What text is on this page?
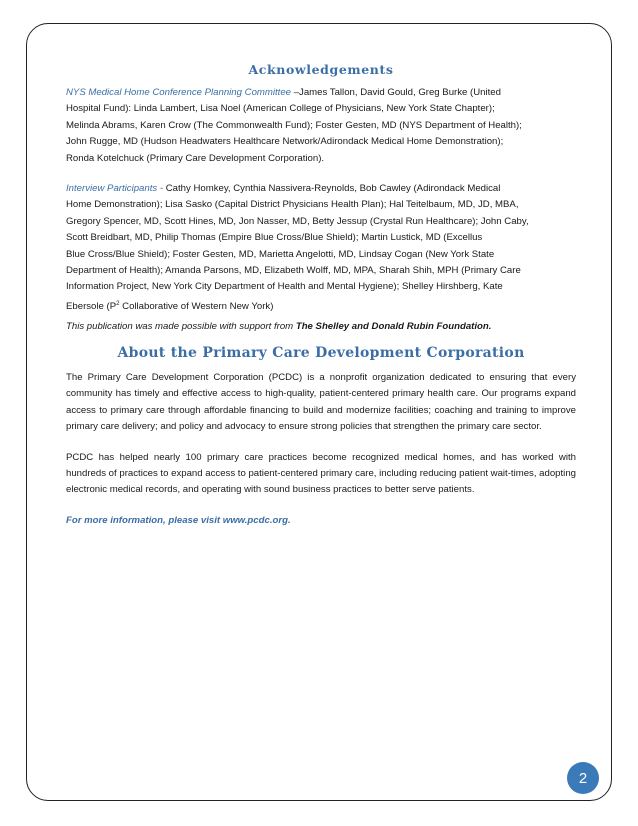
Acknowledgements

NYS Medical Home Conference Planning Committee –James Tallon, David Gould, Greg Burke (United

Hospital Fund): Linda Lambert, Lisa Noel (American College of Physicians, New York State Chapter);

Melinda Abrams, Karen Crow (The Commonwealth Fund); Foster Gesten, MD (NYS Department of Health);

John Rugge, MD (Hudson Headwaters Healthcare Network/Adirondack Medical Home Demonstration);

Ronda Kotelchuck (Primary Care Development Corporation).

Interview Participants - Cathy Homkey, Cynthia Nassivera-Reynolds, Bob Cawley (Adirondack Medical

Home Demonstration); Lisa Sasko (Capital District Physicians Health Plan); Hal Teitelbaum, MD, JD, MBA,

Gregory Spencer, MD, Scott Hines, MD, Jon Nasser, MD, Betty Jessup (Crystal Run Healthcare); John Caby,

Scott Breidbart, MD, Philip Thomas (Empire Blue Cross/Blue Shield); Martin Lustick, MD (Excellus

Blue Cross/Blue Shield); Foster Gesten, MD, Marietta Angelotti, MD, Lindsay Cogan (New York State

Department of Health); Amanda Parsons, MD, Elizabeth Wolff, MD, MPA, Sharah Shih, MPH (Primary Care

Information Project, New York City Department of Health and Mental Hygiene); Shelley Hirshberg, Kate

Ebersole ($P^2$ Collaborative of Western New York)

This publication was made possible with support from The Shelley and Donald Rubin Foundation.

About the Primary Care Development Corporation

The Primary Care Development Corporation (PCDC) is a nonprofit organization dedicated to ensuring that every community has timely and effective access to high-quality, patient-centered primary health care. Our programs expand access to primary care through affordable financing to build and modernize facilities; coaching and training to improve primary care delivery; and policy and advocacy to ensure strong policies that strengthen the primary care sector.

PCDC has helped nearly 100 primary care practices become recognized medical homes, and has worked with hundreds of practices to expand access to patient-centered primary care, including reducing patient wait-times, adopting electronic medical records, and operating with sound business practices to better serve patients.

For more information, please visit www.pcdc.org.

2
